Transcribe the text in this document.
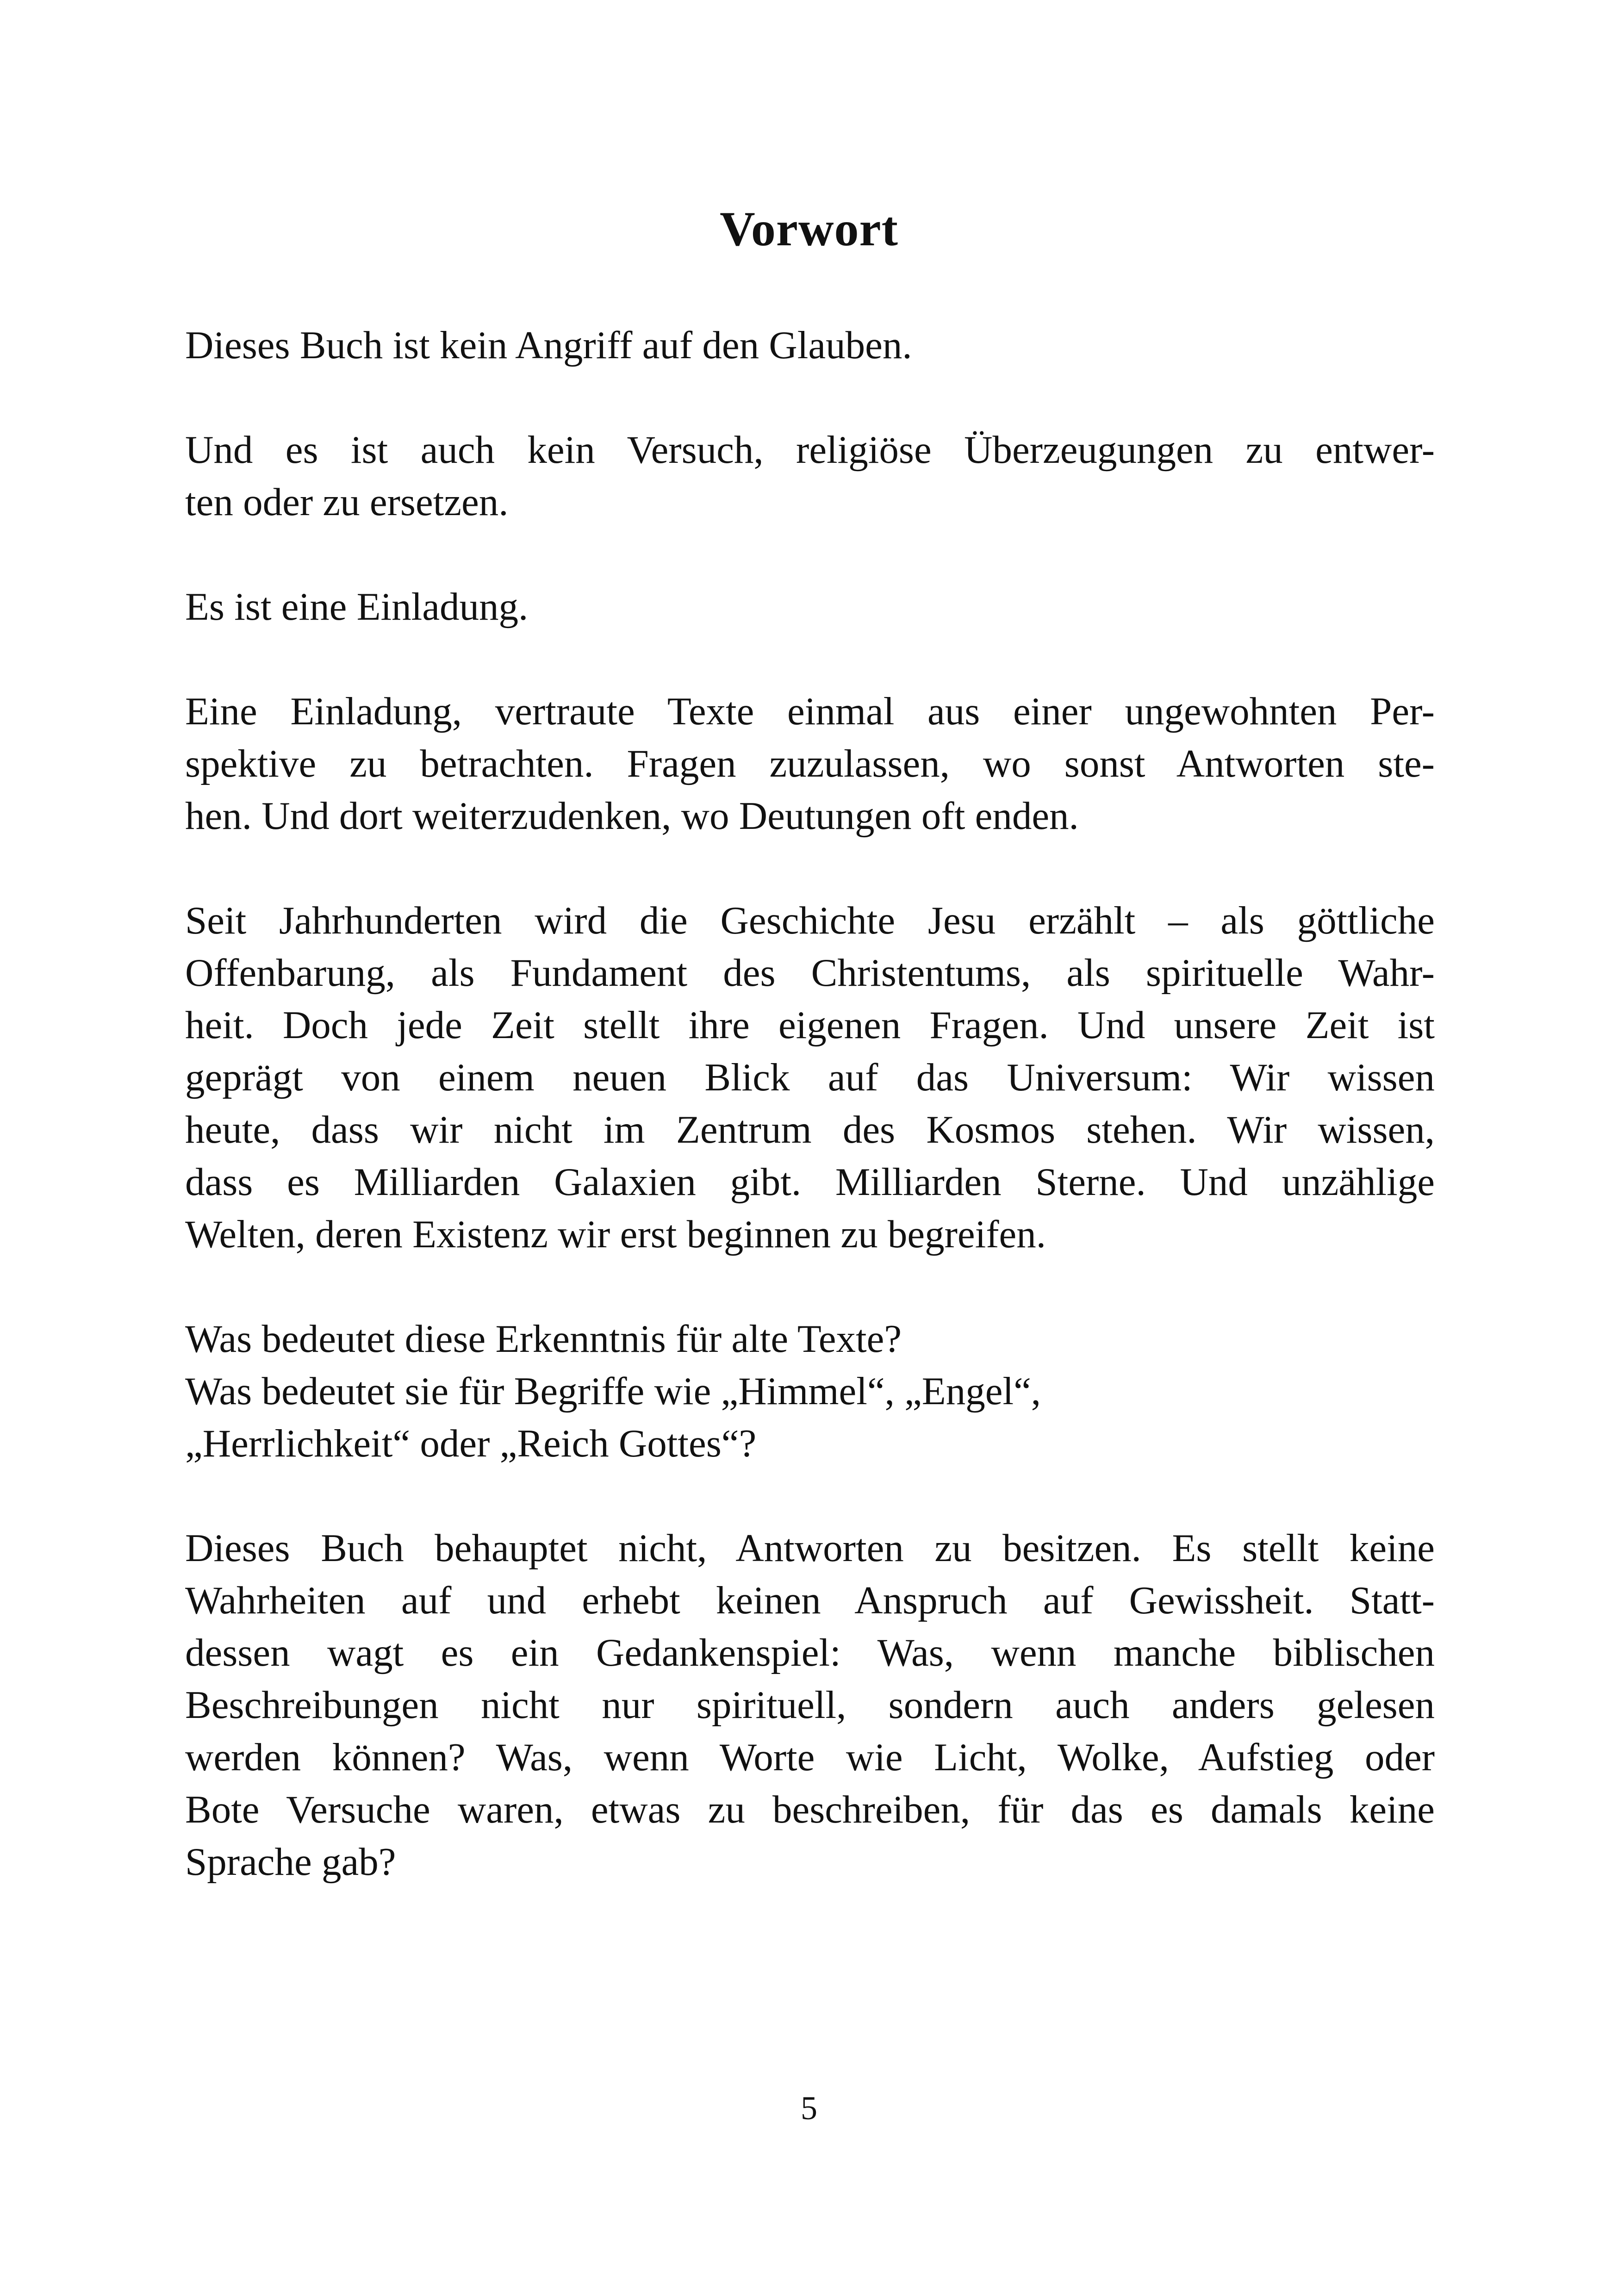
Vorwort

Dieses Buch ist kein Angriff auf den Glauben.

Und es ist auch kein Versuch, religiöse Überzeugungen zu entwer-
ten oder zu ersetzen.

Es ist eine Einladung.

Eine Einladung, vertraute Texte einmal aus einer ungewohnten Per-
spektive zu betrachten. Fragen zuzulassen, wo sonst Antworten ste-
hen. Und dort weiterzudenken, wo Deutungen oft enden.

Seit Jahrhunderten wird die Geschichte Jesu erzählt – als göttliche
Offenbarung, als Fundament des Christentums, als spirituelle Wahr-
heit. Doch jede Zeit stellt ihre eigenen Fragen. Und unsere Zeit ist
geprägt von einem neuen Blick auf das Universum: Wir wissen
heute, dass wir nicht im Zentrum des Kosmos stehen. Wir wissen,
dass es Milliarden Galaxien gibt. Milliarden Sterne. Und unzählige
Welten, deren Existenz wir erst beginnen zu begreifen.

Was bedeutet diese Erkenntnis für alte Texte?
Was bedeutet sie für Begriffe wie „Himmel“, „Engel“,
„Herrlichkeit“ oder „Reich Gottes“?

Dieses Buch behauptet nicht, Antworten zu besitzen. Es stellt keine
Wahrheiten auf und erhebt keinen Anspruch auf Gewissheit. Statt-
dessen wagt es ein Gedankenspiel: Was, wenn manche biblischen
Beschreibungen nicht nur spirituell, sondern auch anders gelesen
werden können? Was, wenn Worte wie Licht, Wolke, Aufstieg oder
Bote Versuche waren, etwas zu beschreiben, für das es damals keine
Sprache gab?

5
